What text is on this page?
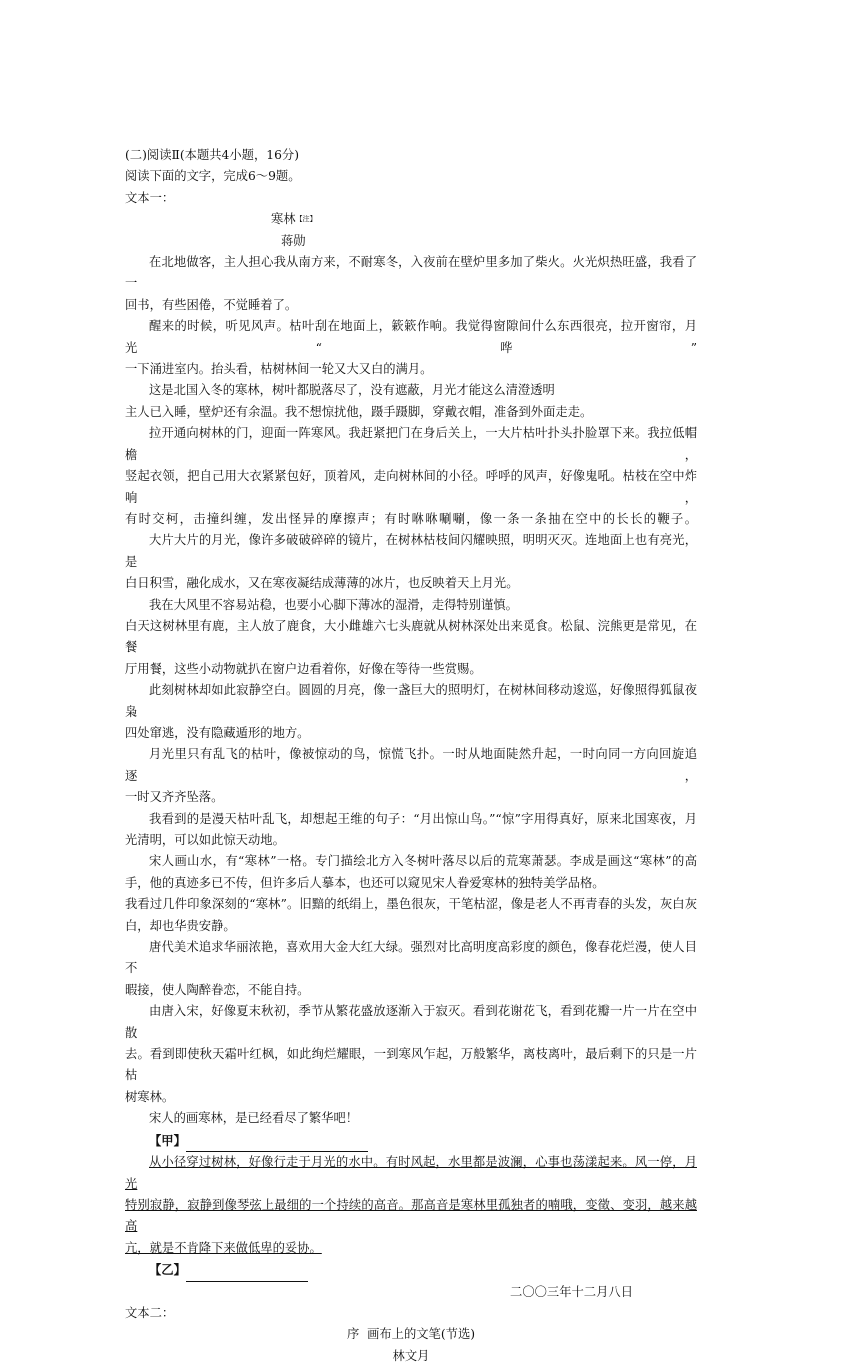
(二)阅读Ⅱ(本题共4小题，16分)
阅读下面的文字，完成6～9题。
文本一：
寒林$^{【注】}$
蒋勋
在北地做客，主人担心我从南方来，不耐寒冬，入夜前在壁炉里多加了柴火。火光炽热旺盛，我看了一
回书，有些困倦，不觉睡着了。
醒来的时候，听见风声。枯叶刮在地面上，簌簌作响。我觉得窗隙间什么东西很亮，拉开窗帘，月光“哗”
一下涌进室内。抬头看，枯树林间一轮又大又白的满月。
这是北国入冬的寒林，树叶都脱落尽了，没有遮蔽，月光才能这么清澄透明
主人已入睡，壁炉还有余温。我不想惊扰他，蹑手蹑脚，穿戴衣帽，准备到外面走走。
拉开通向树林的门，迎面一阵寒风。我赶紧把门在身后关上，一大片枯叶扑头扑脸罩下来。我拉低帽檐，
竖起衣领，把自己用大衣紧紧包好，顶着风，走向树林间的小径。呼呼的风声，好像鬼吼。枯枝在空中炸响，
有时交柯，击撞纠缠，发出怪异的摩擦声；有时咻咻唰唰，像一条一条抽在空中的长长的鞭子。
大片大片的月光，像许多破破碎碎的镜片，在树林枯枝间闪耀映照，明明灭灭。连地面上也有亮光，是
白日积雪，融化成水，又在寒夜凝结成薄薄的冰片，也反映着天上月光。
我在大风里不容易站稳，也要小心脚下薄冰的湿滑，走得特别谨慎。
白天这树林里有鹿，主人放了鹿食，大小雌雄六七头鹿就从树林深处出来觅食。松鼠、浣熊更是常见，在餐
厅用餐，这些小动物就扒在窗户边看着你，好像在等待一些赏赐。
此刻树林却如此寂静空白。圆圆的月亮，像一盏巨大的照明灯，在树林间移动逡巡，好像照得狐鼠夜枭
四处窜逃，没有隐藏遁形的地方。
月光里只有乱飞的枯叶，像被惊动的鸟，惊慌飞扑。一时从地面陡然升起，一时向同一方向回旋追逐，
一时又齐齐坠落。
我看到的是漫天枯叶乱飞，却想起王维的句子：“月出惊山鸟。”“惊”字用得真好，原来北国寒夜，月
光清明，可以如此惊天动地。
宋人画山水，有“寒林”一格。专门描绘北方入冬树叶落尽以后的荒寒萧瑟。李成是画这“寒林”的高
手，他的真迹多已不传，但许多后人摹本，也还可以窥见宋人眷爱寒林的独特美学品格。
我看过几件印象深刻的“寒林”。旧黯的纸绢上，墨色很灰，干笔枯涩，像是老人不再青春的头发，灰白灰
白，却也华贵安静。
唐代美术追求华丽浓艳，喜欢用大金大红大绿。强烈对比高明度高彩度的颜色，像春花烂漫，使人目不
暇接，使人陶醉眷恋，不能自持。
由唐入宋，好像夏末秋初，季节从繁花盛放逐渐入于寂灭。看到花谢花飞，看到花瓣一片一片在空中散
去。看到即使秋天霜叶红枫，如此绚烂耀眼，一到寒风乍起，万般繁华，离枝离叶，最后剩下的只是一片枯
树寒林。
宋人的画寒林，是已经看尽了繁华吧！
【甲】
从小径穿过树林，好像行走于月光的水中。有时风起，水里都是波澜，心事也荡漾起来。风一停，月光
特别寂静，寂静到像琴弦上最细的一个持续的高音。那高音是寒林里孤独者的喃哦，变徵、变羽，越来越高
亢，就是不肯降下来做低卑的妥协。
【乙】
二〇〇三年十二月八日
文本二：
序  画布上的文笔(节选)
林文月
